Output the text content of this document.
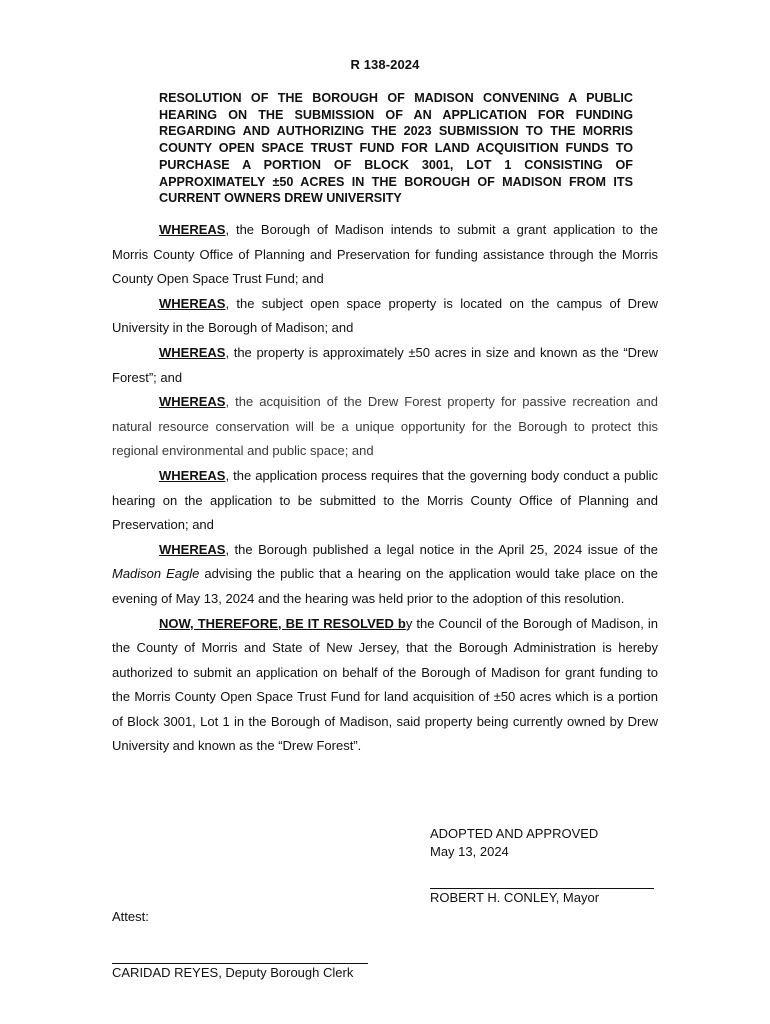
R 138-2024

RESOLUTION OF THE BOROUGH OF MADISON CONVENING A PUBLIC HEARING ON THE SUBMISSION OF AN APPLICATION FOR FUNDING REGARDING AND AUTHORIZING THE 2023 SUBMISSION TO THE MORRIS COUNTY OPEN SPACE TRUST FUND FOR LAND ACQUISITION FUNDS TO PURCHASE A PORTION OF BLOCK 3001, LOT 1 CONSISTING OF APPROXIMATELY ±50 ACRES IN THE BOROUGH OF MADISON FROM ITS CURRENT OWNERS DREW UNIVERSITY

WHEREAS, the Borough of Madison intends to submit a grant application to the Morris County Office of Planning and Preservation for funding assistance through the Morris County Open Space Trust Fund; and

WHEREAS, the subject open space property is located on the campus of Drew University in the Borough of Madison; and

WHEREAS, the property is approximately ±50 acres in size and known as the “Drew Forest”; and

WHEREAS, the acquisition of the Drew Forest property for passive recreation and natural resource conservation will be a unique opportunity for the Borough to protect this regional environmental and public space; and

WHEREAS, the application process requires that the governing body conduct a public hearing on the application to be submitted to the Morris County Office of Planning and Preservation; and

WHEREAS, the Borough published a legal notice in the April 25, 2024 issue of the Madison Eagle advising the public that a hearing on the application would take place on the evening of May 13, 2024 and the hearing was held prior to the adoption of this resolution.

NOW, THEREFORE, BE IT RESOLVED by the Council of the Borough of Madison, in the County of Morris and State of New Jersey, that the Borough Administration is hereby authorized to submit an application on behalf of the Borough of Madison for grant funding to the Morris County Open Space Trust Fund for land acquisition of ±50 acres which is a portion of Block 3001, Lot 1 in the Borough of Madison, said property being currently owned by Drew University and known as the “Drew Forest”.

ADOPTED AND APPROVED
May 13, 2024
ROBERT H. CONLEY, Mayor
Attest:
CARIDAD REYES, Deputy Borough Clerk
